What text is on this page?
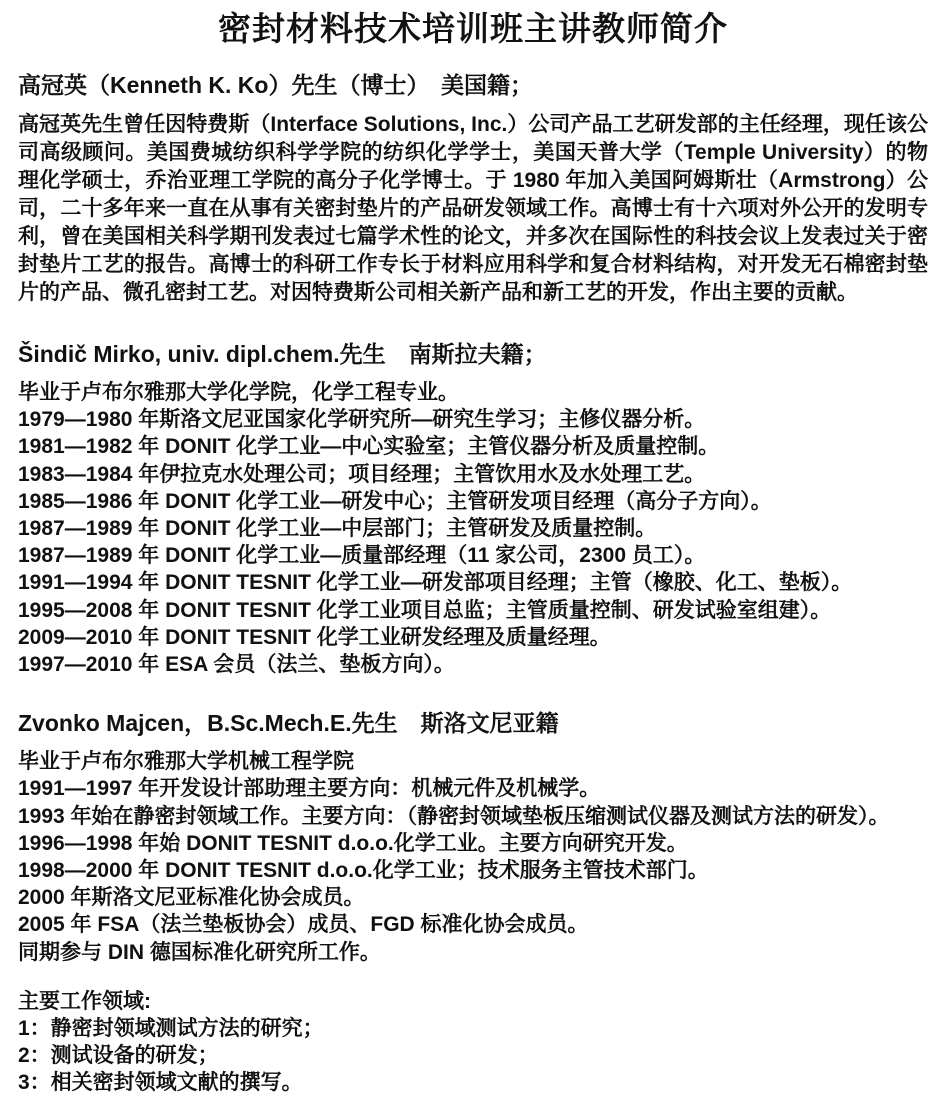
密封材料技术培训班主讲教师简介
高冠英（Kenneth K. Ko）先生（博士）　美国籍；
高冠英先生曾任因特费斯（Interface Solutions, Inc.）公司产品工艺研发部的主任经理，现任该公司高级顾问。美国费城纺织科学学院的纺织化学学士，美国天普大学（Temple University）的物理化学硕士，乔治亚理工学院的高分子化学博士。于 1980 年加入美国阿姆斯壮（Armstrong）公司，二十多年来一直在从事有关密封垫片的产品研发领域工作。高博士有十六项对外公开的发明专利，曾在美国相关科学期刊发表过七篇学术性的论文，并多次在国际性的科技会议上发表过关于密封垫片工艺的报告。高博士的科研工作专长于材料应用科学和复合材料结构，对开发无石棉密封垫片的产品、微孔密封工艺。对因特费斯公司相关新产品和新工艺的开发，作出主要的贡献。
Šindič Mirko, univ. dipl.chem.先生　南斯拉夫籍；
毕业于卢布尔雅那大学化学院，化学工程专业。
1979—1980 年斯洛文尼亚国家化学研究所—研究生学习；主修仪器分析。
1981—1982 年 DONIT 化学工业—中心实验室；主管仪器分析及质量控制。
1983—1984 年伊拉克水处理公司；项目经理；主管饮用水及水处理工艺。
1985—1986 年 DONIT 化学工业—研发中心；主管研发项目经理（高分子方向）。
1987—1989 年 DONIT 化学工业—中层部门；主管研发及质量控制。
1987—1989 年 DONIT 化学工业—质量部经理（11 家公司，2300 员工）。
1991—1994 年 DONIT TESNIT 化学工业—研发部项目经理；主管（橡胶、化工、垫板）。
1995—2008 年 DONIT TESNIT 化学工业项目总监；主管质量控制、研发试验室组建）。
2009—2010 年 DONIT TESNIT 化学工业研发经理及质量经理。
1997—2010 年 ESA 会员（法兰、垫板方向）。
Zvonko Majcen，B.Sc.Mech.E.先生　斯洛文尼亚籍
毕业于卢布尔雅那大学机械工程学院
1991—1997 年开发设计部助理主要方向：机械元件及机械学。
1993 年始在静密封领域工作。主要方向：（静密封领域垫板压缩测试仪器及测试方法的研发）。
1996—1998 年始 DONIT TESNIT d.o.o.化学工业。主要方向研究开发。
1998—2000 年 DONIT TESNIT d.o.o.化学工业；技术服务主管技术部门。
2000 年斯洛文尼亚标准化协会成员。
2005 年 FSA（法兰垫板协会）成员、FGD 标准化协会成员。
同期参与 DIN 德国标准化研究所工作。
主要工作领域:
1：静密封领域测试方法的研究；
2：测试设备的研发；
3：相关密封领域文献的撰写。
